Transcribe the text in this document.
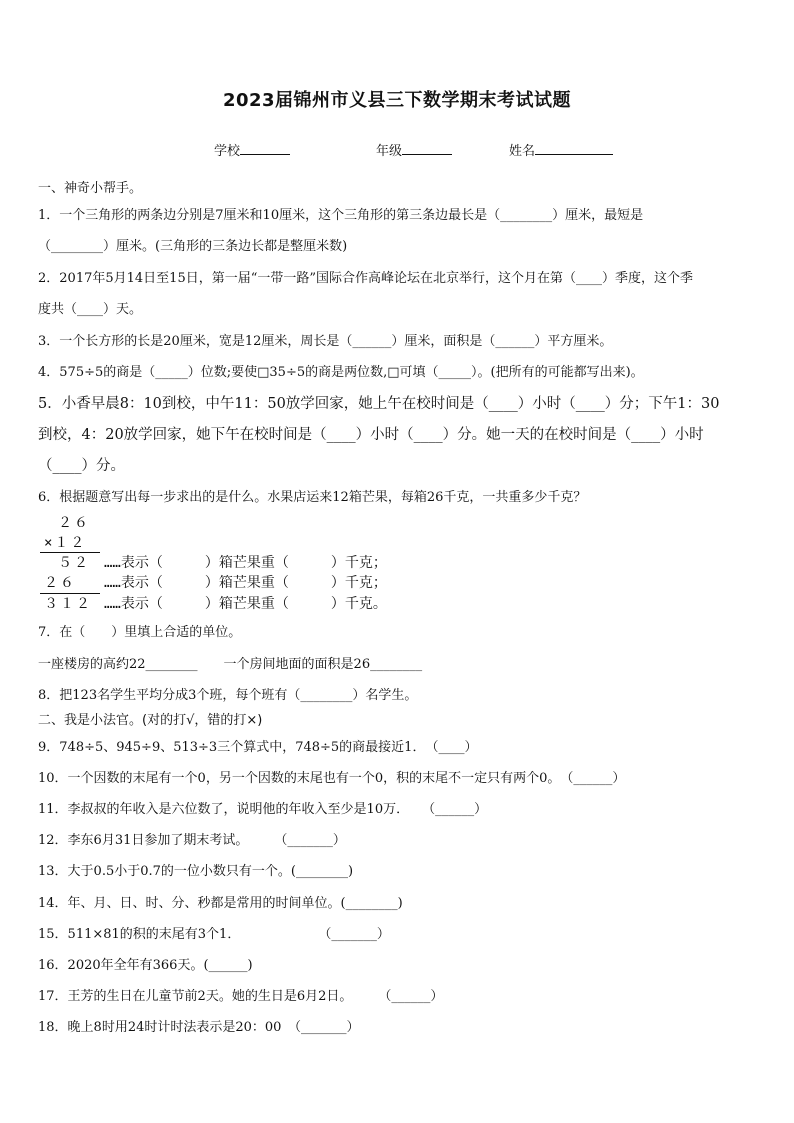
2023届锦州市义县三下数学期末考试试题
学校	年级	姓名
一、神奇小帮手。
1．一个三角形的两条边分别是7厘米和10厘米，这个三角形的第三条边最长是（________）厘米，最短是
（________）厘米。(三角形的三条边长都是整厘米数)
2．2017年5月14日至15日，第一届“一带一路”国际合作高峰论坛在北京举行，这个月在第（____）季度，这个季
度共（____）天。
3．一个长方形的长是20厘米，宽是12厘米，周长是（______）厘米，面积是（______）平方厘米。
4．575÷5的商是（_____）位数;要使□35÷5的商是两位数,□可填（_____）。(把所有的可能都写出来)。
5．小香早晨8：10到校，中午11：50放学回家，她上午在校时间是（____）小时（____）分；下午1：30
到校，4：20放学回家，她下午在校时间是（____）小时（____）分。她一天的在校时间是（____）小时
（____）分。
6．根据题意写出每一步求出的是什么。水果店运来12箱芒果，每箱26千克，一共重多少千克？
２６
×１２
５２
２６
３１２
……表示（　　　）箱芒果重（　　　）千克；
……表示（　　　）箱芒果重（　　　）千克；
……表示（　　　）箱芒果重（　　　）千克。
7．在（　　）里填上合适的单位。
一座楼房的高约22________　　一个房间地面的面积是26________
8．把123名学生平均分成3个班，每个班有（________）名学生。
二、我是小法官。(对的打√，错的打×)
9．748÷5、945÷9、513÷3三个算式中，748÷5的商最接近1．　（____）
10．一个因数的末尾有一个0，另一个因数的末尾也有一个0，积的末尾不一定只有两个0。　（______）
11．李叔叔的年收入是六位数了，说明他的年收入至少是10万．　　（______）
12．李东6月31日参加了期末考试。　　　（_______）
13．大于0.5小于0.7的一位小数只有一个。(________)
14．年、月、日、时、分、秒都是常用的时间单位。(________)
15．511×81的积的末尾有3个1．　　　　　　　（_______）
16．2020年全年有366天。(______)
17．王芳的生日在儿童节前2天。她的生日是6月2日。　　　（______）
18．晚上8时用24时计时法表示是20：00　（_______）
